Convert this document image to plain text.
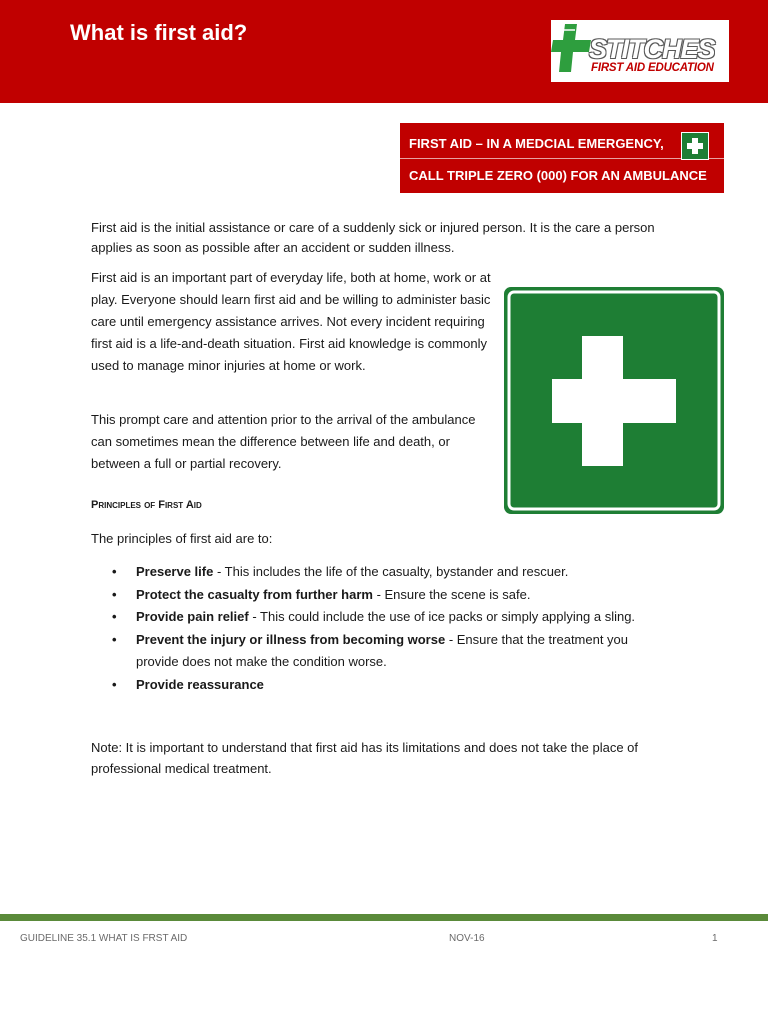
What is first aid?
STITCHES
FIRST AID EDUCATION
FIRST AID – IN A MEDCIAL EMERGENCY,
CALL TRIPLE ZERO (000) FOR AN AMBULANCE
First aid is the initial assistance or care of a suddenly sick or injured person. It is the care a person applies as soon as possible after an accident or sudden illness.
First aid is an important part of everyday life, both at home, work or at play. Everyone should learn first aid and be willing to administer basic care until emergency assistance arrives. Not every incident requiring first aid is a life-and-death situation. First aid knowledge is commonly used to manage minor injuries at home or work.
This prompt care and attention prior to the arrival of the ambulance can sometimes mean the difference between life and death, or between a full or partial recovery.
Principles of First Aid
The principles of first aid are to:
• Preserve life - This includes the life of the casualty, bystander and rescuer.
• Protect the casualty from further harm - Ensure the scene is safe.
• Provide pain relief - This could include the use of ice packs or simply applying a sling.
• Prevent the injury or illness from becoming worse - Ensure that the treatment you provide does not make the condition worse.
• Provide reassurance
Note: It is important to understand that first aid has its limitations and does not take the place of professional medical treatment.
GUIDELINE 35.1 WHAT IS FRST AID	NOV-16	1
